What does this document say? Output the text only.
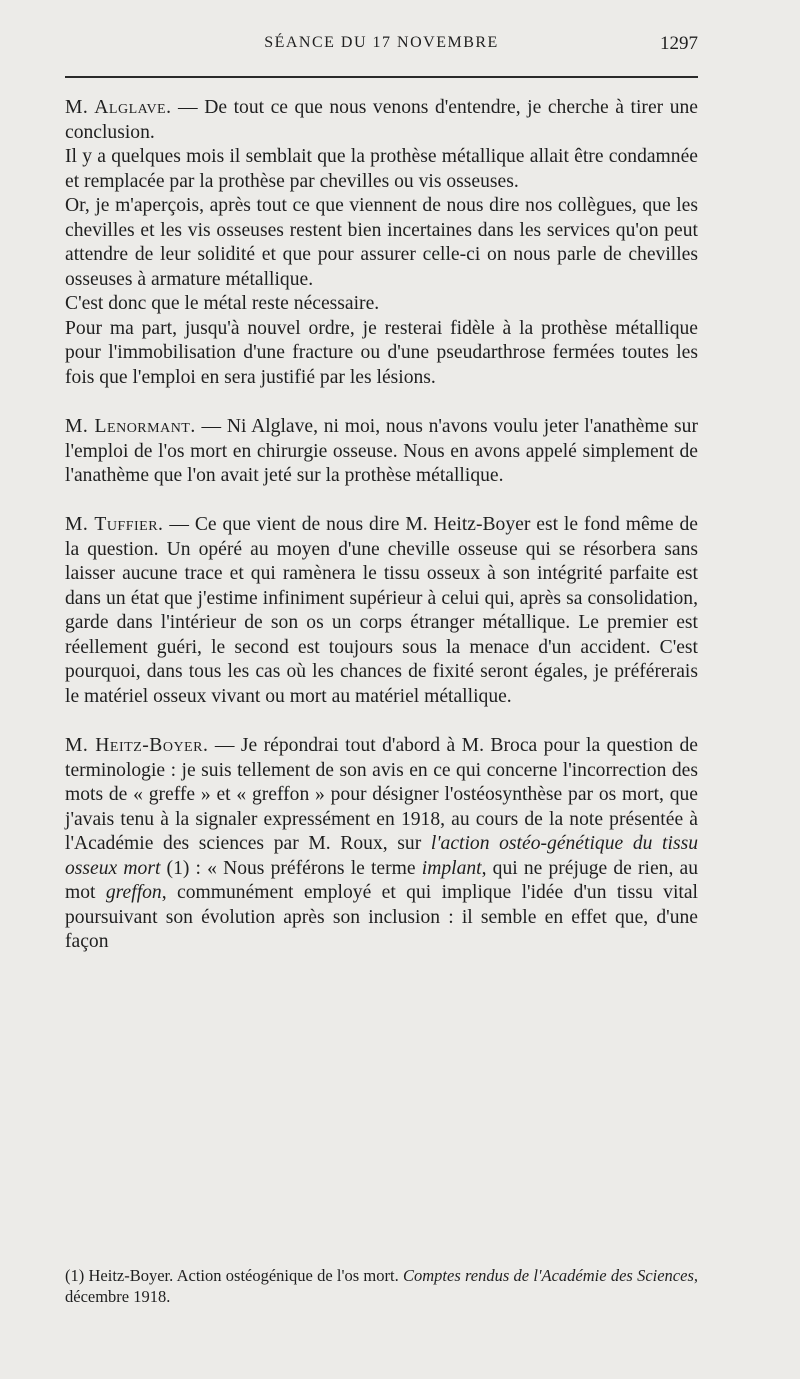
SÉANCE DU 17 NOVEMBRE	1297

M. Alglave. — De tout ce que nous venons d'entendre, je cherche à tirer une conclusion.

Il y a quelques mois il semblait que la prothèse métallique allait être condamnée et remplacée par la prothèse par chevilles ou vis osseuses.

Or, je m'aperçois, après tout ce que viennent de nous dire nos collègues, que les chevilles et les vis osseuses restent bien incertaines dans les services qu'on peut attendre de leur solidité et que pour assurer celle-ci on nous parle de chevilles osseuses à armature métallique.

C'est donc que le métal reste nécessaire.

Pour ma part, jusqu'à nouvel ordre, je resterai fidèle à la prothèse métallique pour l'immobilisation d'une fracture ou d'une pseudarthrose fermées toutes les fois que l'emploi en sera justifié par les lésions.

M. Lenormant. — Ni Alglave, ni moi, nous n'avons voulu jeter l'anathème sur l'emploi de l'os mort en chirurgie osseuse. Nous en avons appelé simplement de l'anathème que l'on avait jeté sur la prothèse métallique.

M. Tuffier. — Ce que vient de nous dire M. Heitz-Boyer est le fond même de la question. Un opéré au moyen d'une cheville osseuse qui se résorbera sans laisser aucune trace et qui ramènera le tissu osseux à son intégrité parfaite est dans un état que j'estime infiniment supérieur à celui qui, après sa consolidation, garde dans l'intérieur de son os un corps étranger métallique. Le premier est réellement guéri, le second est toujours sous la menace d'un accident. C'est pourquoi, dans tous les cas où les chances de fixité seront égales, je préférerais le matériel osseux vivant ou mort au matériel métallique.

M. Heitz-Boyer. — Je répondrai tout d'abord à M. Broca pour la question de terminologie : je suis tellement de son avis en ce qui concerne l'incorrection des mots de « greffe » et « greffon » pour désigner l'ostéosynthèse par os mort, que j'avais tenu à la signaler expressément en 1918, au cours de la note présentée à l'Académie des sciences par M. Roux, sur l'action ostéo-génétique du tissu osseux mort (1) : « Nous préférons le terme implant, qui ne préjuge de rien, au mot greffon, communément employé et qui implique l'idée d'un tissu vital poursuivant son évolution après son inclusion : il semble en effet que, d'une façon

(1) Heitz-Boyer. Action ostéogénique de l'os mort. Comptes rendus de l'Académie des Sciences, décembre 1918.
